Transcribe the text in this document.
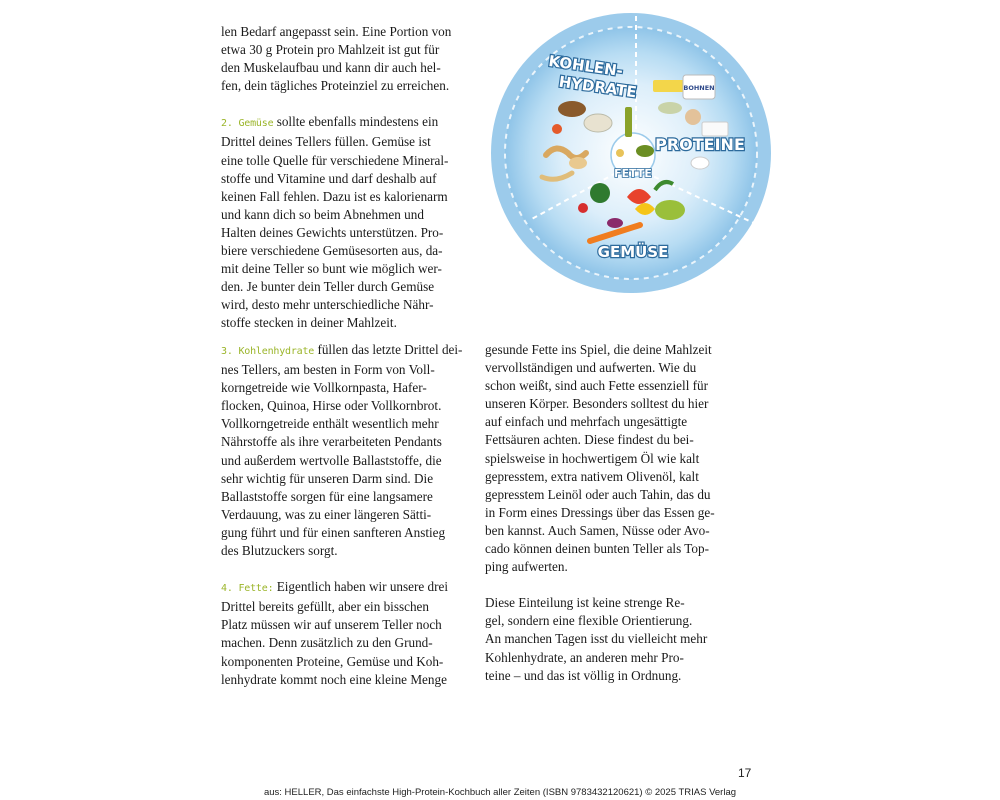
len Bedarf angepasst sein. Eine Portion von
etwa 30 g Protein pro Mahlzeit ist gut für
den Muskelaufbau und kann dir auch hel-
fen, dein tägliches Proteinziel zu erreichen.

2. Gemüse sollte ebenfalls mindestens ein
Drittel deines Tellers füllen. Gemüse ist
eine tolle Quelle für verschiedene Mineral-
stoffe und Vitamine und darf deshalb auf
keinen Fall fehlen. Dazu ist es kalorienarm
und kann dich so beim Abnehmen und
Halten deines Gewichts unterstützen. Pro-
biere verschiedene Gemüsesorten aus, da-
mit deine Teller so bunt wie möglich wer-
den. Je bunter dein Teller durch Gemüse
wird, desto mehr unterschiedliche Nähr-
stoffe stecken in deiner Mahlzeit.

3. Kohlenhydrate füllen das letzte Drittel dei-
nes Tellers, am besten in Form von Voll-
korngetreide wie Vollkornpasta, Hafer-
flocken, Quinoa, Hirse oder Vollkornbrot.
Vollkorngetreide enthält wesentlich mehr
Nährstoffe als ihre verarbeiteten Pendants
und außerdem wertvolle Ballaststoffe, die
sehr wichtig für unseren Darm sind. Die
Ballaststoffe sorgen für eine langsamere
Verdauung, was zu einer längeren Sätti-
gung führt und für einen sanfteren Anstieg
des Blutzuckers sorgt.

4. Fette: Eigentlich haben wir unsere drei
Drittel bereits gefüllt, aber ein bisschen
Platz müssen wir auf unserem Teller noch
machen. Denn zusätzlich zu den Grund-
komponenten Proteine, Gemüse und Koh-
lenhydrate kommt noch eine kleine Menge

gesunde Fette ins Spiel, die deine Mahlzeit
vervollständigen und aufwerten. Wie du
schon weißt, sind auch Fette essenziell für
unseren Körper. Besonders solltest du hier
auf einfach und mehrfach ungesättigte
Fettsäuren achten. Diese findest du bei-
spielsweise in hochwertigem Öl wie kalt
gepresstem, extra nativem Olivenöl, kalt
gepresstem Leinöl oder auch Tahin, das du
in Form eines Dressings über das Essen ge-
ben kannst. Auch Samen, Nüsse oder Avo-
cado können deinen bunten Teller als Top-
ping aufwerten.

Diese Einteilung ist keine strenge Re-
gel, sondern eine flexible Orientierung.
An manchen Tagen isst du vielleicht mehr
Kohlenhydrate, an anderen mehr Pro-
teine – und das ist völlig in Ordnung.

BOHNEN
KOHLEN-
HYDRATE
PROTEINE
FETTE
GEMÜSE
17
aus: HELLER, Das einfachste High-Protein-Kochbuch aller Zeiten (ISBN 9783432120621) © 2025 TRIAS Verlag
